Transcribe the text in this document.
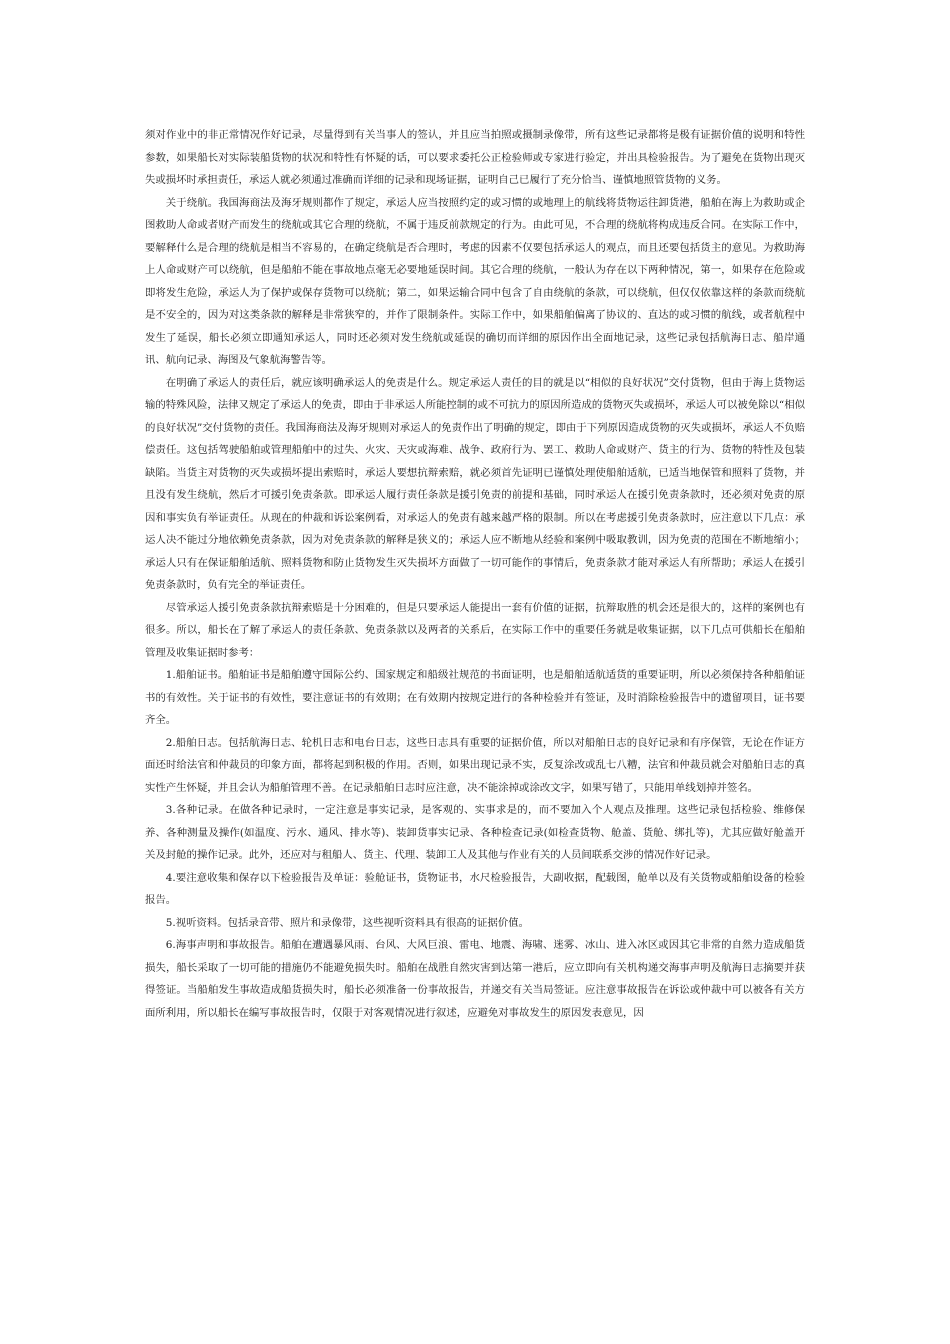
须对作业中的非正常情况作好记录，尽量得到有关当事人的签认，并且应当拍照或摄制录像带，所有这些记录都将是极有证据价值的说明和特性参数，如果船长对实际装船货物的状况和特性有怀疑的话，可以要求委托公正检验师或专家进行验定，并出具检验报告。为了避免在货物出现灭失或损坏时承担责任，承运人就必须通过准确而详细的记录和现场证据，证明自己已履行了充分恰当、谨慎地照管货物的义务。

关于绕航。我国海商法及海牙规则都作了规定，承运人应当按照约定的或习惯的或地理上的航线将货物运往卸货港，船舶在海上为救助或企图救助人命或者财产而发生的绕航或其它合理的绕航，不属于违反前款规定的行为。由此可见，不合理的绕航将构成违反合同。在实际工作中，要解释什么是合理的绕航是相当不容易的，在确定绕航是否合理时，考虑的因素不仅要包括承运人的观点，而且还要包括货主的意见。为救助海上人命或财产可以绕航，但是船舶不能在事故地点毫无必要地延误时间。其它合理的绕航，一般认为存在以下两种情况，第一，如果存在危险或即将发生危险，承运人为了保护或保存货物可以绕航；第二，如果运输合同中包含了自由绕航的条款，可以绕航，但仅仅依靠这样的条款而绕航是不安全的，因为对这类条款的解释是非常狭窄的，并作了限制条件。实际工作中，如果船舶偏离了协议的、直达的或习惯的航线，或者航程中发生了延误，船长必须立即通知承运人，同时还必须对发生绕航或延误的确切而详细的原因作出全面地记录，这些记录包括航海日志、船岸通讯、航向记录、海图及气象航海警告等。

在明确了承运人的责任后，就应该明确承运人的免责是什么。规定承运人责任的目的就是以“相似的良好状况”交付货物，但由于海上货物运输的特殊风险，法律又规定了承运人的免责，即由于非承运人所能控制的或不可抗力的原因所造成的货物灭失或损坏，承运人可以被免除以“相似的良好状况”交付货物的责任。我国海商法及海牙规则对承运人的免责作出了明确的规定，即由于下列原因造成货物的灭失或损坏，承运人不负赔偿责任。这包括驾驶船舶或管理船舶中的过失、火灾、天灾或海难、战争、政府行为、罢工、救助人命或财产、货主的行为、货物的特性及包装缺陷。当货主对货物的灭失或损坏提出索赔时，承运人要想抗辩索赔，就必须首先证明已谨慎处理使船舶适航，已适当地保管和照料了货物，并且没有发生绕航，然后才可援引免责条款。即承运人履行责任条款是援引免责的前提和基础，同时承运人在援引免责条款时，还必须对免责的原因和事实负有举证责任。从现在的仲裁和诉讼案例看，对承运人的免责有越来越严格的限制。所以在考虑援引免责条款时，应注意以下几点：承运人决不能过分地依赖免责条款，因为对免责条款的解释是狭义的；承运人应不断地从经验和案例中吸取教训，因为免责的范围在不断地缩小；承运人只有在保证船舶适航、照料货物和防止货物发生灭失损坏方面做了一切可能作的事情后，免责条款才能对承运人有所帮助；承运人在援引免责条款时，负有完全的举证责任。

尽管承运人援引免责条款抗辩索赔是十分困难的，但是只要承运人能提出一套有价值的证据，抗辩取胜的机会还是很大的，这样的案例也有很多。所以，船长在了解了承运人的责任条款、免责条款以及两者的关系后，在实际工作中的重要任务就是收集证据，以下几点可供船长在船舶管理及收集证据时参考：

1.船舶证书。船舶证书是船舶遵守国际公约、国家规定和船级社规范的书面证明，也是船舶适航适货的重要证明，所以必须保持各种船舶证书的有效性。关于证书的有效性，要注意证书的有效期；在有效期内按规定进行的各种检验并有签证，及时消除检验报告中的遗留项目，证书要齐全。

2.船舶日志。包括航海日志、轮机日志和电台日志，这些日志具有重要的证据价值，所以对船舶日志的良好记录和有序保管，无论在作证方面还时给法官和仲裁员的印象方面，都将起到积极的作用。否则，如果出现记录不实，反复涂改或乱七八糟，法官和仲裁员就会对船舶日志的真实性产生怀疑，并且会认为船舶管理不善。在记录船舶日志时应注意，决不能涂掉或涂改文字，如果写错了，只能用单线划掉并签名。

3.各种记录。在做各种记录时，一定注意是事实记录，是客观的、实事求是的，而不要加入个人观点及推理。这些记录包括检验、维修保养、各种测量及操作(如温度、污水、通风、排水等)、装卸货事实记录、各种检查记录(如检查货物、舱盖、货舱、绑扎等)，尤其应做好舱盖开关及封舱的操作记录。此外，还应对与租船人、货主、代理、装卸工人及其他与作业有关的人员间联系交涉的情况作好记录。

4.要注意收集和保存以下检验报告及单证：验舱证书，货物证书，水尺检验报告，大副收据，配载图，舱单以及有关货物或船舶设备的检验报告。

5.视听资料。包括录音带、照片和录像带，这些视听资料具有很高的证据价值。

6.海事声明和事故报告。船舶在遭遇暴风雨、台风、大风巨浪、雷电、地震、海啸、迷雾、冰山、进入冰区或因其它非常的自然力造成船货损失，船长采取了一切可能的措施仍不能避免损失时。船舶在战胜自然灾害到达第一港后，应立即向有关机构递交海事声明及航海日志摘要并获得签证。当船舶发生事故造成船货损失时，船长必须准备一份事故报告，并递交有关当局签证。应注意事故报告在诉讼或仲裁中可以被各有关方面所利用，所以船长在编写事故报告时，仅限于对客观情况进行叙述，应避免对事故发生的原因发表意见，因
